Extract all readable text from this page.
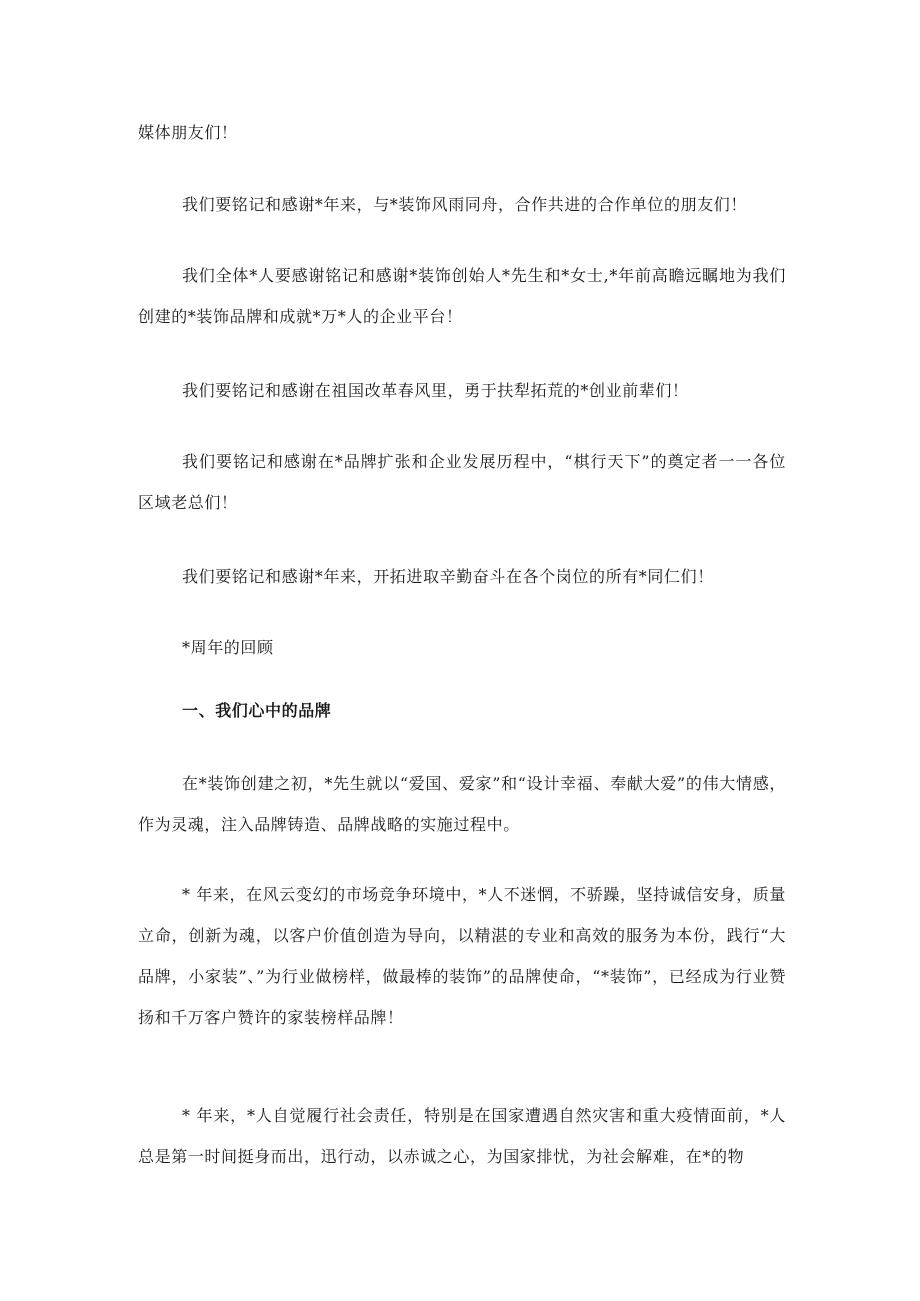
媒体朋友们！

我们要铭记和感谢*年来，与*装饰风雨同舟，合作共进的合作单位的朋友们！

我们全体*人要感谢铭记和感谢*装饰创始人*先生和*女士,*年前高瞻远瞩地为我们创建的*装饰品牌和成就*万*人的企业平台！

我们要铭记和感谢在祖国改革春风里，勇于扶犁拓荒的*创业前辈们！

我们要铭记和感谢在*品牌扩张和企业发展历程中，“棋行天下”的奠定者一一各位区域老总们！

我们要铭记和感谢*年来，开拓进取辛勤奋斗在各个岗位的所有*同仁们！

*周年的回顾

一、我们心中的品牌

在*装饰创建之初，*先生就以“爱国、爱家”和“设计幸福、奉献大爱”的伟大情感，作为灵魂，注入品牌铸造、品牌战略的实施过程中。

* 年来，在风云变幻的市场竞争环境中，*人不迷惘，不骄躁，坚持诚信安身，质量立命，创新为魂，以客户价值创造为导向，以精湛的专业和高效的服务为本份，践行“大品牌，小家装”、”为行业做榜样，做最棒的装饰”的品牌使命，“*装饰”，已经成为行业赞扬和千万客户赞许的家装榜样品牌！

* 年来，*人自觉履行社会责任，特别是在国家遭遇自然灾害和重大疫情面前，*人总是第一时间挺身而出，迅行动，以赤诚之心，为国家排忧，为社会解难，在*的物
